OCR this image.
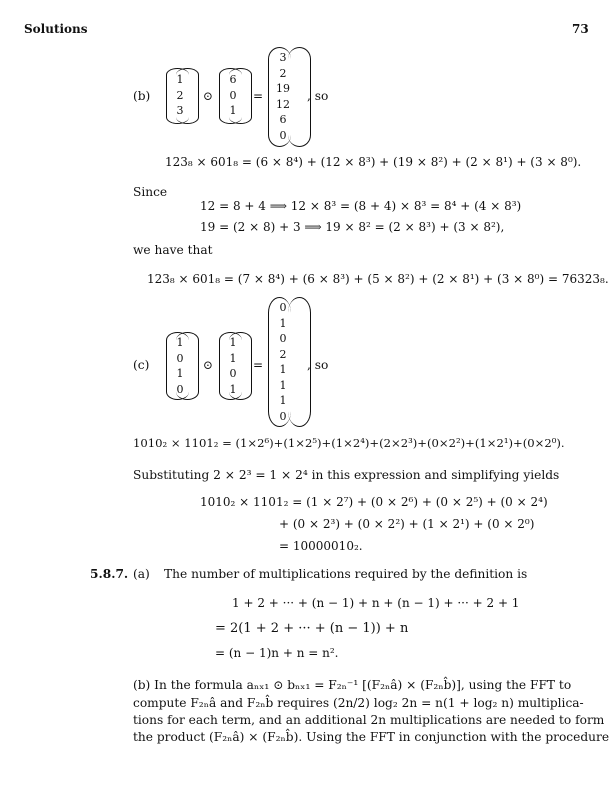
Solutions	73
(b)
1
2
3
⊙
6
0
1
=
3
2
19
12
6
0
, so
123₈ × 601₈ = (6 × 8⁴) + (12 × 8³) + (19 × 8²) + (2 × 8¹) + (3 × 8⁰).
Since
12 = 8 + 4 ⟹ 12 × 8³ = (8 + 4) × 8³ = 8⁴ + (4 × 8³)
19 = (2 × 8) + 3 ⟹ 19 × 8² = (2 × 8³) + (3 × 8²),
we have that
123₈ × 601₈ = (7 × 8⁴) + (6 × 8³) + (5 × 8²) + (2 × 8¹) + (3 × 8⁰) = 76323₈.
(c)
1
0
1
0
⊙
1
1
0
1
=
0
1
0
2
1
1
1
0
, so
1010₂ × 1101₂ = (1×2⁶)+(1×2⁵)+(1×2⁴)+(2×2³)+(0×2²)+(1×2¹)+(0×2⁰).
Substituting 2 × 2³ = 1 × 2⁴ in this expression and simplifying yields
1010₂ × 1101₂ = (1 × 2⁷) + (0 × 2⁶) + (0 × 2⁵) + (0 × 2⁴)
+ (0 × 2³) + (0 × 2²) + (1 × 2¹) + (0 × 2⁰)
= 10000010₂.
5.8.7. (a) The number of multiplications required by the definition is
1 + 2 + ··· + (n − 1) + n + (n − 1) + ··· + 2 + 1
= 2(1 + 2 + ··· + (n − 1)) + n
= (n − 1)n + n = n².
(b) In the formula aₙₓ₁ ⊙ bₙₓ₁ = F₂ₙ⁻¹ [(F₂ₙâ) × (F₂ₙb̂)], using the FFT to
compute F₂ₙâ and F₂ₙb̂ requires (2n/2) log₂ 2n = n(1 + log₂ n) multiplica-
tions for each term, and an additional 2n multiplications are needed to form
the product (F₂ₙâ) × (F₂ₙb̂). Using the FFT in conjunction with the procedure
